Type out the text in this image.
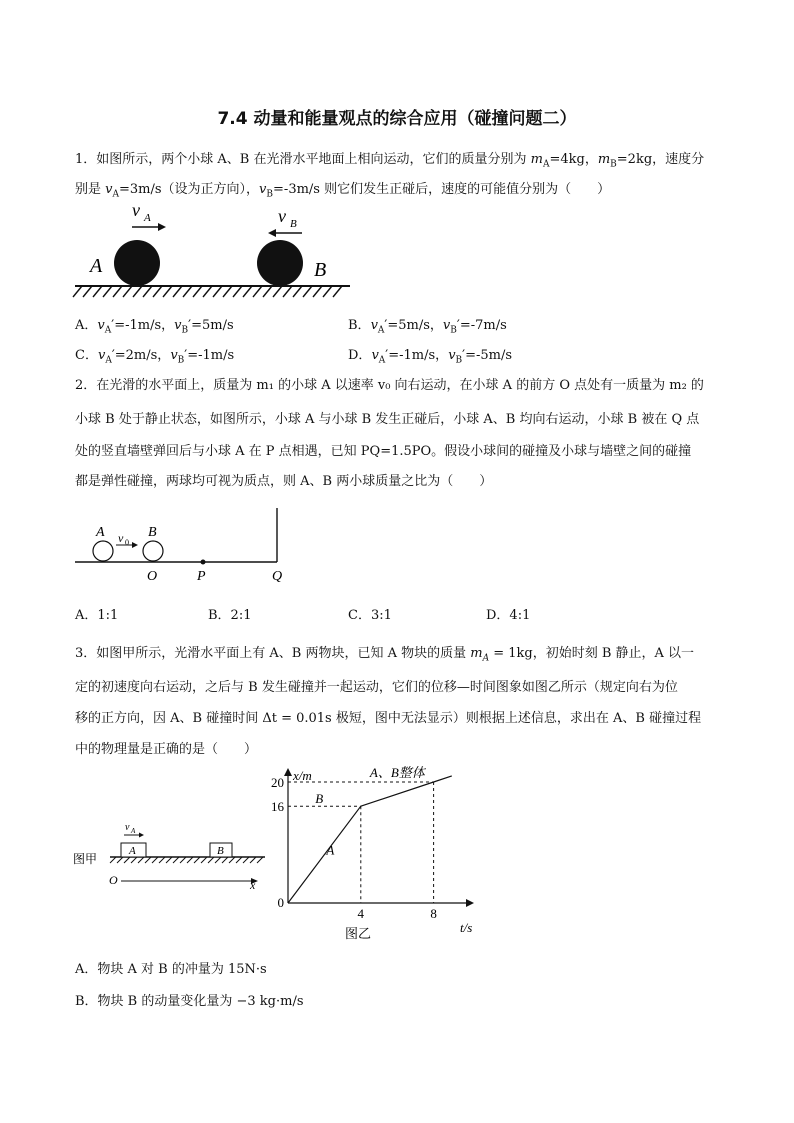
7.4 动量和能量观点的综合应用（碰撞问题二）
1．如图所示，两个小球 A、B 在光滑水平地面上相向运动，它们的质量分别为 $m_A=4kg$，$m_B=2kg$，速度分
别是 $v_A=3m/s$（设为正方向），$v_B=-3m/s$ 则它们发生正碰后，速度的可能值分别为（　　）
A	B
v A	v B
A．$v_A'=-1m/s$，$v_B'=5m/s$	B．$v_A'=5m/s$，$v_B'=-7m/s$
C．$v_A'=2m/s$，$v_B'=-1m/s$	D．$v_A'=-1m/s$，$v_B'=-5m/s$
2．在光滑的水平面上，质量为 m₁ 的小球 A 以速率 v₀ 向右运动，在小球 A 的前方 O 点处有一质量为 m₂ 的
小球 B 处于静止状态，如图所示，小球 A 与小球 B 发生正碰后，小球 A、B 均向右运动，小球 B 被在 Q 点
处的竖直墙壁弹回后与小球 A 在 P 点相遇，已知 PQ=1.5PO。假设小球间的碰撞及小球与墙壁之间的碰撞
都是弹性碰撞，两球均可视为质点，则 A、B 两小球质量之比为（　　）
A	B
v 0
O	P	Q
A．1:1	B．2:1	C．3:1	D．4:1
3．如图甲所示，光滑水平面上有 A、B 两物块，已知 A 物块的质量 $m_A = 1kg$，初始时刻 B 静止，A 以一
定的初速度向右运动，之后与 B 发生碰撞并一起运动，它们的位移—时间图象如图乙所示（规定向右为位
移的正方向，因 A、B 碰撞时间 Δt = 0.01s 极短，图中无法显示）则根据上述信息，求出在 A、B 碰撞过程
中的物理量是正确的是（　　）
图甲
A	B
v A
O	x
x/m
t/s
20
16
4	8
0
A
B
A、B整体
图乙
A．物块 A 对 B 的冲量为 15N·s
B．物块 B 的动量变化量为 −3 kg·m/s
